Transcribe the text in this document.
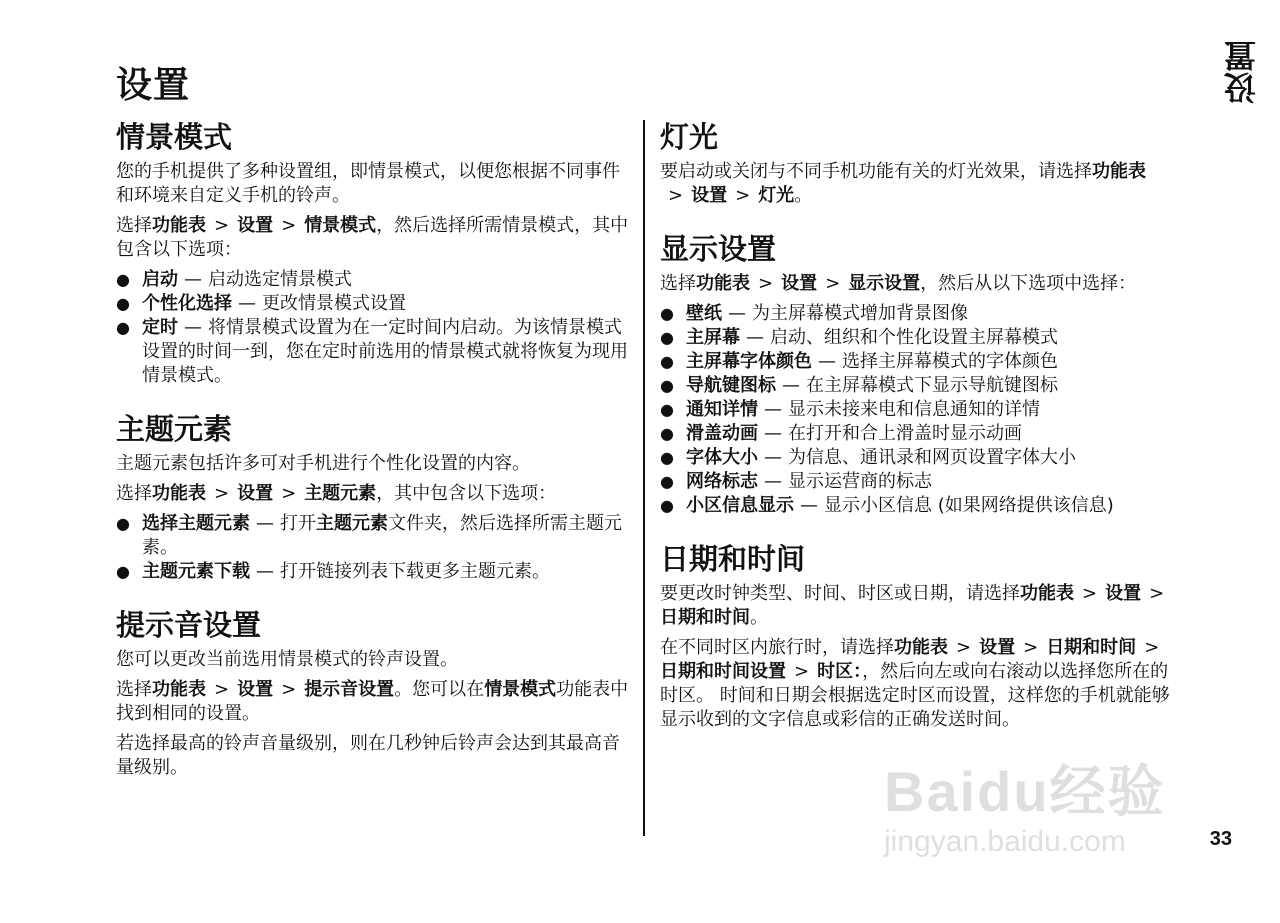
设置	设置
情景模式

您的手机提供了多种设置组，即情景模式，以便您根据不同事件和环境来自定义手机的铃声。

选择功能表 > 设置 > 情景模式，然后选择所需情景模式，其中包含以下选项：

● 启动 — 启动选定情景模式
● 个性化选择 — 更改情景模式设置
● 定时 — 将情景模式设置为在一定时间内启动。为该情景模式设置的时间一到，您在定时前选用的情景模式就将恢复为现用情景模式。
主题元素

主题元素包括许多可对手机进行个性化设置的内容。

选择功能表 > 设置 > 主题元素，其中包含以下选项：

● 选择主题元素 — 打开主题元素文件夹，然后选择所需主题元素。
● 主题元素下载 — 打开链接列表下载更多主题元素。
提示音设置

您可以更改当前选用情景模式的铃声设置。

选择功能表 > 设置 > 提示音设置。您可以在情景模式功能表中找到相同的设置。

若选择最高的铃声音量级别，则在几秒钟后铃声会达到其最高音量级别。

灯光

要启动或关闭与不同手机功能有关的灯光效果，请选择功能表> 设置 > 灯光。

显示设置

选择功能表 > 设置 > 显示设置，然后从以下选项中选择：

● 壁纸 — 为主屏幕模式增加背景图像
● 主屏幕 — 启动、组织和个性化设置主屏幕模式
● 主屏幕字体颜色 — 选择主屏幕模式的字体颜色
● 导航键图标 — 在主屏幕模式下显示导航键图标
● 通知详情 — 显示未接来电和信息通知的详情
● 滑盖动画 — 在打开和合上滑盖时显示动画
● 字体大小 — 为信息、通讯录和网页设置字体大小
● 网络标志 — 显示运营商的标志
● 小区信息显示 — 显示小区信息 (如果网络提供该信息)
日期和时间

要更改时钟类型、时间、时区或日期，请选择功能表 > 设置 >日期和时间。

在不同时区内旅行时，请选择功能表 > 设置 > 日期和时间 >日期和时间设置 > 时区：，然后向左或向右滚动以选择您所在的时区。 时间和日期会根据选定时区而设置，这样您的手机就能够显示收到的文字信息或彩信的正确发送时间。

Baidu经验
jingyan.baidu.com	33
